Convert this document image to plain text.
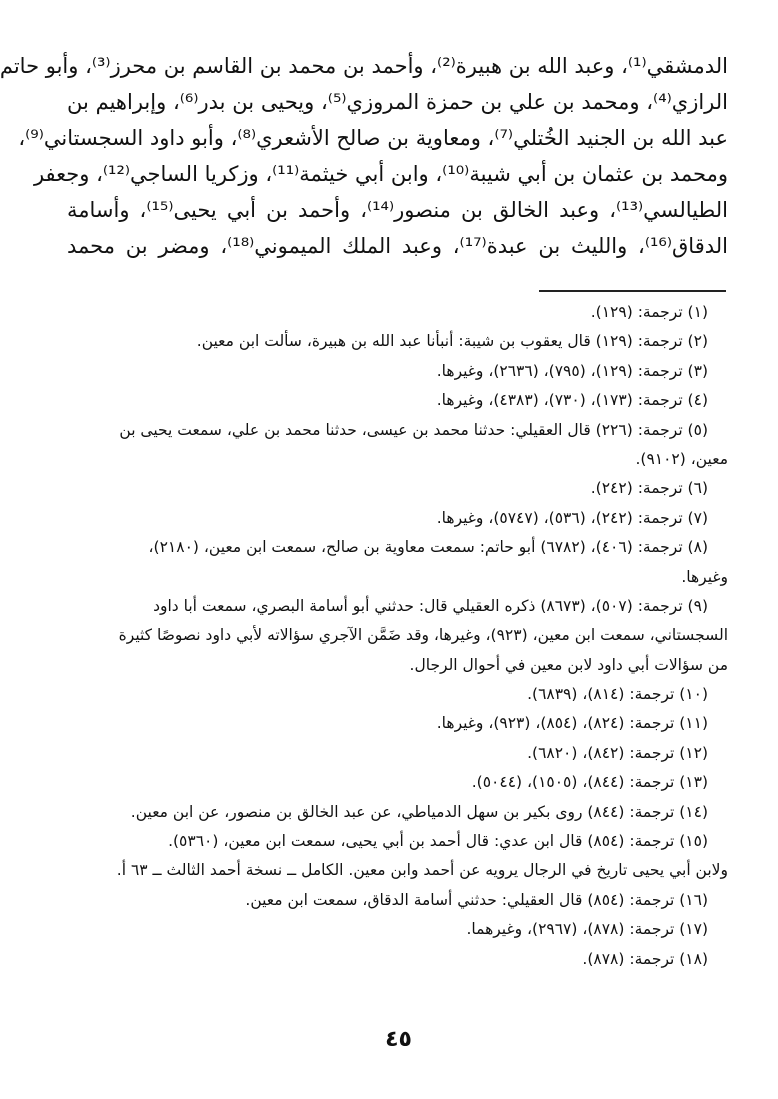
الدمشقي⁽¹⁾، وعبد الله بن هبيرة⁽²⁾، وأحمد بن محمد بن القاسم بن محرز⁽³⁾، وأبو حاتم
الرازي⁽⁴⁾، ومحمد بن علي بن حمزة المروزي⁽⁵⁾، ويحيى بن بدر⁽⁶⁾، وإبراهيم بن
عبد الله بن الجنيد الخُتلي⁽⁷⁾، ومعاوية بن صالح الأشعري⁽⁸⁾، وأبو داود السجستاني⁽⁹⁾،
ومحمد بن عثمان بن أبي شيبة⁽¹⁰⁾، وابن أبي خيثمة⁽¹¹⁾، وزكريا الساجي⁽¹²⁾، وجعفر
الطيالسي⁽¹³⁾، وعبد الخالق بن منصور⁽¹⁴⁾، وأحمد بن أبي يحيى⁽¹⁵⁾، وأسامة
الدقاق⁽¹⁶⁾، والليث بن عبدة⁽¹⁷⁾، وعبد الملك الميموني⁽¹⁸⁾، ومضر بن محمد
(١) ترجمة: (١٢٩).
(٢) ترجمة: (١٢٩) قال يعقوب بن شيبة: أنبأنا عبد الله بن هبيرة، سألت ابن معين.
(٣) ترجمة: (١٢٩)، (٧٩٥)، (٢٦٣٦)، وغيرها.
(٤) ترجمة: (١٧٣)، (٧٣٠)، (٤٣٨٣)، وغيرها.
(٥) ترجمة: (٢٢٦) قال العقيلي: حدثنا محمد بن عيسى، حدثنا محمد بن علي، سمعت يحيى بن
معين، (٩١٠٢).
(٦) ترجمة: (٢٤٢).
(٧) ترجمة: (٢٤٢)، (٥٣٦)، (٥٧٤٧)، وغيرها.
(٨) ترجمة: (٤٠٦)، (٦٧٨٢) أبو حاتم: سمعت معاوية بن صالح، سمعت ابن معين، (٢١٨٠)،
وغيرها.
(٩) ترجمة: (٥٠٧)، (٨٦٧٣) ذكره العقيلي قال: حدثني أبو أسامة البصري، سمعت أبا داود
السجستاني، سمعت ابن معين، (٩٢٣)، وغيرها، وقد ضَمَّن الآجري سؤالاته لأبي داود نصوصًا كثيرة
من سؤالات أبي داود لابن معين في أحوال الرجال.
(١٠) ترجمة: (٨١٤)، (٦٨٣٩).
(١١) ترجمة: (٨٢٤)، (٨٥٤)، (٩٢٣)، وغيرها.
(١٢) ترجمة: (٨٤٢)، (٦٨٢٠).
(١٣) ترجمة: (٨٤٤)، (١٥٠٥)، (٥٠٤٤).
(١٤) ترجمة: (٨٤٤) روى بكير بن سهل الدمياطي، عن عبد الخالق بن منصور، عن ابن معين.
(١٥) ترجمة: (٨٥٤) قال ابن عدي: قال أحمد بن أبي يحيى، سمعت ابن معين، (٥٣٦٠).
ولابن أبي يحيى تاريخ في الرجال يرويه عن أحمد وابن معين. الكامل ــ نسخة أحمد الثالث ــ ٦٣ أ.
(١٦) ترجمة: (٨٥٤) قال العقيلي: حدثني أسامة الدقاق، سمعت ابن معين.
(١٧) ترجمة: (٨٧٨)، (٢٩٦٧)، وغيرهما.
(١٨) ترجمة: (٨٧٨).
٤٥
